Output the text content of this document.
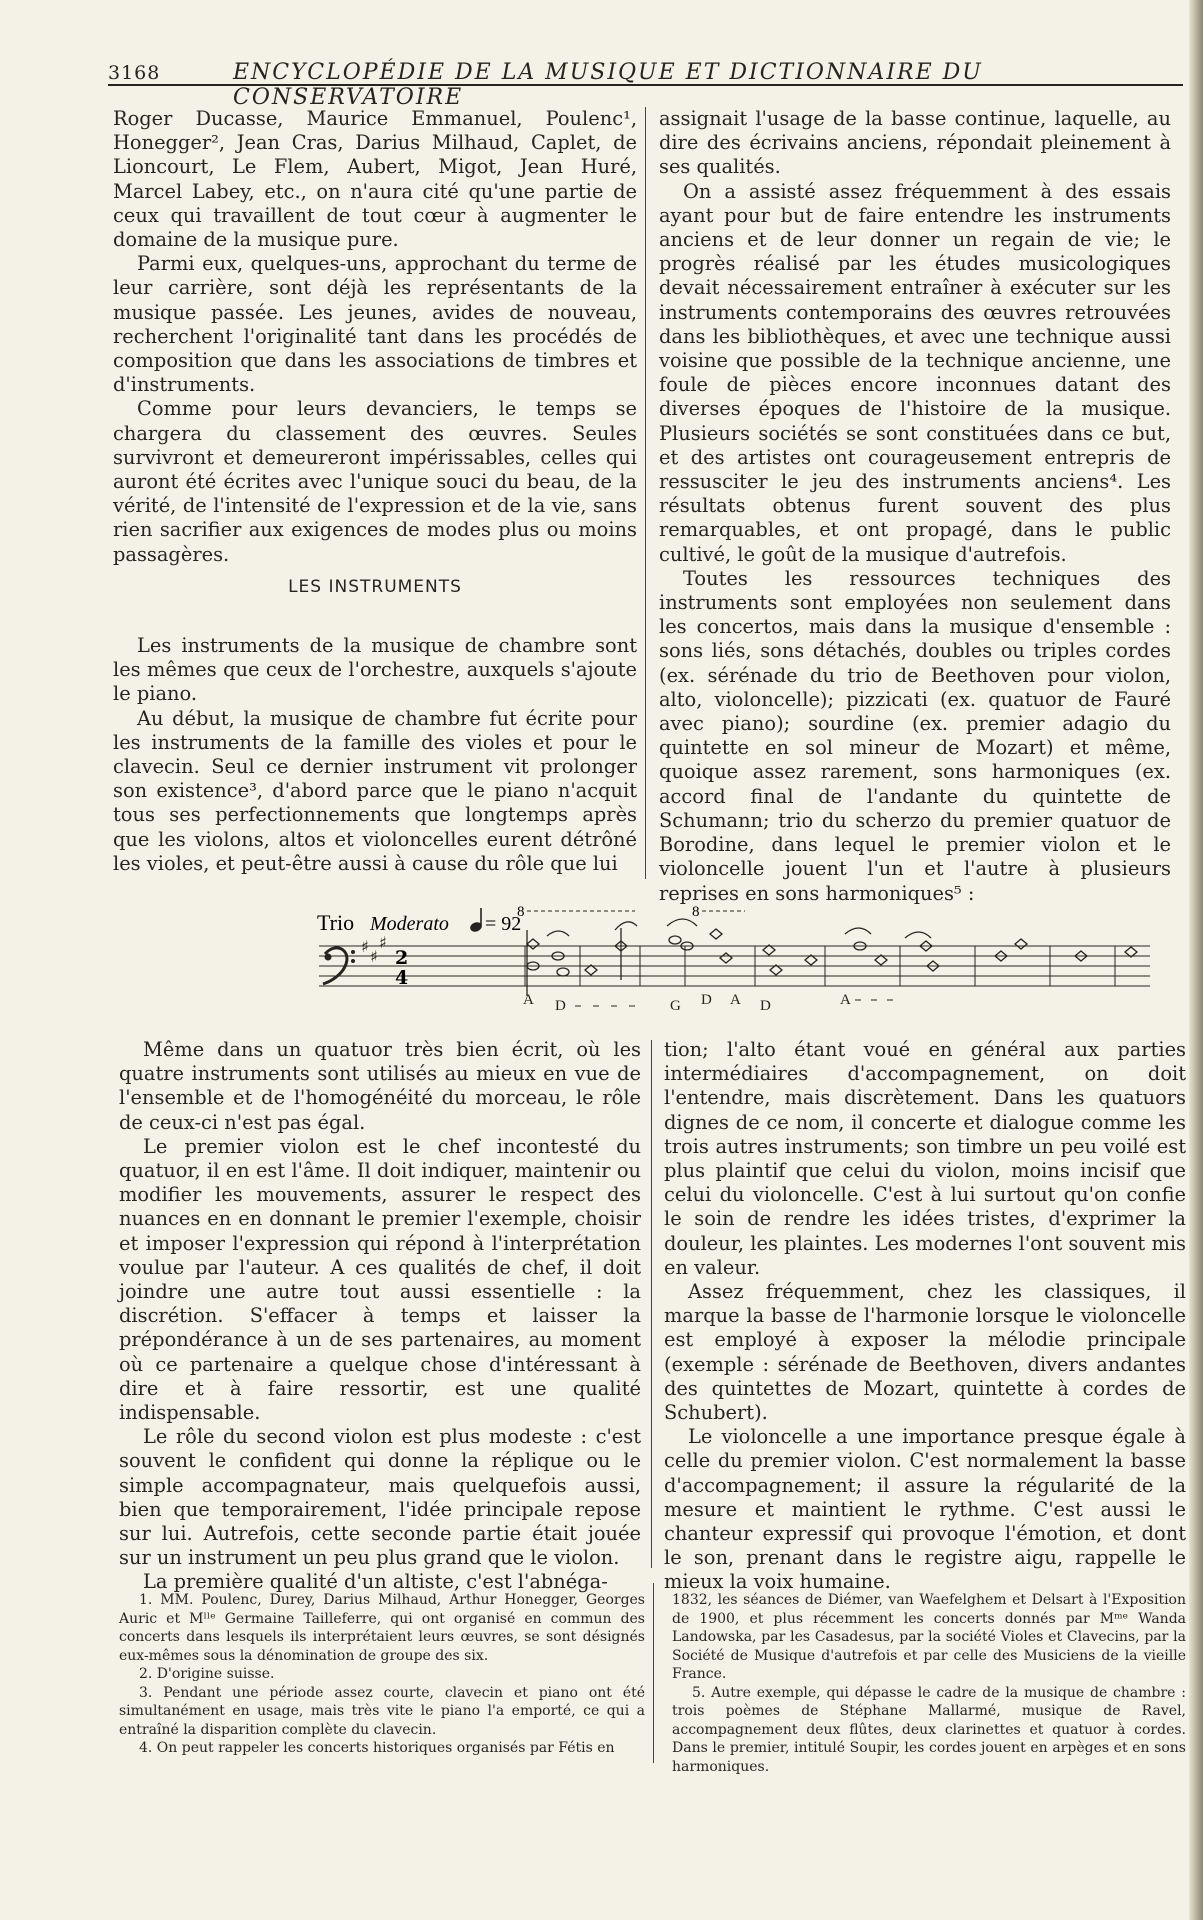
3168	ENCYCLOPÉDIE DE LA MUSIQUE ET DICTIONNAIRE DU CONSERVATOIRE

Roger Ducasse, Maurice Emmanuel, Poulenc¹, Honegger², Jean Cras, Darius Milhaud, Caplet, de Lioncourt, Le Flem, Aubert, Migot, Jean Huré, Marcel Labey, etc., on n'aura cité qu'une partie de ceux qui travaillent de tout cœur à augmenter le domaine de la musique pure.

Parmi eux, quelques-uns, approchant du terme de leur carrière, sont déjà les représentants de la musique passée. Les jeunes, avides de nouveau, recherchent l'originalité tant dans les procédés de composition que dans les associations de timbres et d'instruments.

Comme pour leurs devanciers, le temps se chargera du classement des œuvres. Seules survivront et demeureront impérissables, celles qui auront été écrites avec l'unique souci du beau, de la vérité, de l'intensité de l'expression et de la vie, sans rien sacrifier aux exigences de modes plus ou moins passagères.

LES INSTRUMENTS

Les instruments de la musique de chambre sont les mêmes que ceux de l'orchestre, auxquels s'ajoute le piano.

Au début, la musique de chambre fut écrite pour les instruments de la famille des violes et pour le clavecin. Seul ce dernier instrument vit prolonger son existence³, d'abord parce que le piano n'acquit tous ses perfectionnements que longtemps après que les violons, altos et violoncelles eurent détrôné les violes, et peut-être aussi à cause du rôle que lui

assignait l'usage de la basse continue, laquelle, au dire des écrivains anciens, répondait pleinement à ses qualités.

On a assisté assez fréquemment à des essais ayant pour but de faire entendre les instruments anciens et de leur donner un regain de vie; le progrès réalisé par les études musicologiques devait nécessairement entraîner à exécuter sur les instruments contemporains des œuvres retrouvées dans les bibliothèques, et avec une technique aussi voisine que possible de la technique ancienne, une foule de pièces encore inconnues datant des diverses époques de l'histoire de la musique. Plusieurs sociétés se sont constituées dans ce but, et des artistes ont courageusement entrepris de ressusciter le jeu des instruments anciens⁴. Les résultats obtenus furent souvent des plus remarquables, et ont propagé, dans le public cultivé, le goût de la musique d'autrefois.

Toutes les ressources techniques des instruments sont employées non seulement dans les concertos, mais dans la musique d'ensemble : sons liés, sons détachés, doubles ou triples cordes (ex. sérénade du trio de Beethoven pour violon, alto, violoncelle); pizzicati (ex. quatuor de Fauré avec piano); sourdine (ex. premier adagio du quintette en sol mineur de Mozart) et même, quoique assez rarement, sons harmoniques (ex. accord final de l'andante du quintette de Schumann; trio du scherzo du premier quatuor de Borodine, dans lequel le premier violon et le violoncelle jouent l'un et l'autre à plusieurs reprises en sons harmoniques⁵ :

Trio Moderato = 92
8	8
♯
♯
♯
2
4
A D	G D A D	A

Même dans un quatuor très bien écrit, où les quatre instruments sont utilisés au mieux en vue de l'ensemble et de l'homogénéité du morceau, le rôle de ceux-ci n'est pas égal.

Le premier violon est le chef incontesté du quatuor, il en est l'âme. Il doit indiquer, maintenir ou modifier les mouvements, assurer le respect des nuances en en donnant le premier l'exemple, choisir et imposer l'expression qui répond à l'interprétation voulue par l'auteur. A ces qualités de chef, il doit joindre une autre tout aussi essentielle : la discrétion. S'effacer à temps et laisser la prépondérance à un de ses partenaires, au moment où ce partenaire a quelque chose d'intéressant à dire et à faire ressortir, est une qualité indispensable.

Le rôle du second violon est plus modeste : c'est souvent le confident qui donne la réplique ou le simple accompagnateur, mais quelquefois aussi, bien que temporairement, l'idée principale repose sur lui. Autrefois, cette seconde partie était jouée sur un instrument un peu plus grand que le violon.

La première qualité d'un altiste, c'est l'abnéga-

tion; l'alto étant voué en général aux parties intermédiaires d'accompagnement, on doit l'entendre, mais discrètement. Dans les quatuors dignes de ce nom, il concerte et dialogue comme les trois autres instruments; son timbre un peu voilé est plus plaintif que celui du violon, moins incisif que celui du violoncelle. C'est à lui surtout qu'on confie le soin de rendre les idées tristes, d'exprimer la douleur, les plaintes. Les modernes l'ont souvent mis en valeur.

Assez fréquemment, chez les classiques, il marque la basse de l'harmonie lorsque le violoncelle est employé à exposer la mélodie principale (exemple : sérénade de Beethoven, divers andantes des quintettes de Mozart, quintette à cordes de Schubert).

Le violoncelle a une importance presque égale à celle du premier violon. C'est normalement la basse d'accompagnement; il assure la régularité de la mesure et maintient le rythme. C'est aussi le chanteur expressif qui provoque l'émotion, et dont le son, prenant dans le registre aigu, rappelle le mieux la voix humaine.

1. MM. Poulenc, Durey, Darius Milhaud, Arthur Honegger, Georges Auric et Mˡˡᵉ Germaine Tailleferre, qui ont organisé en commun des concerts dans lesquels ils interprétaient leurs œuvres, se sont désignés eux-mêmes sous la dénomination de groupe des six.

2. D'origine suisse.

3. Pendant une période assez courte, clavecin et piano ont été simultanément en usage, mais très vite le piano l'a emporté, ce qui a entraîné la disparition complète du clavecin.

4. On peut rappeler les concerts historiques organisés par Fétis en

1832, les séances de Diémer, van Waefelghem et Delsart à l'Exposition de 1900, et plus récemment les concerts donnés par Mᵐᵉ Wanda Landowska, par les Casadesus, par la société Violes et Clavecins, par la Société de Musique d'autrefois et par celle des Musiciens de la vieille France.

5. Autre exemple, qui dépasse le cadre de la musique de chambre : trois poèmes de Stéphane Mallarmé, musique de Ravel, accompagnement deux flûtes, deux clarinettes et quatuor à cordes. Dans le premier, intitulé Soupir, les cordes jouent en arpèges et en sons harmoniques.
